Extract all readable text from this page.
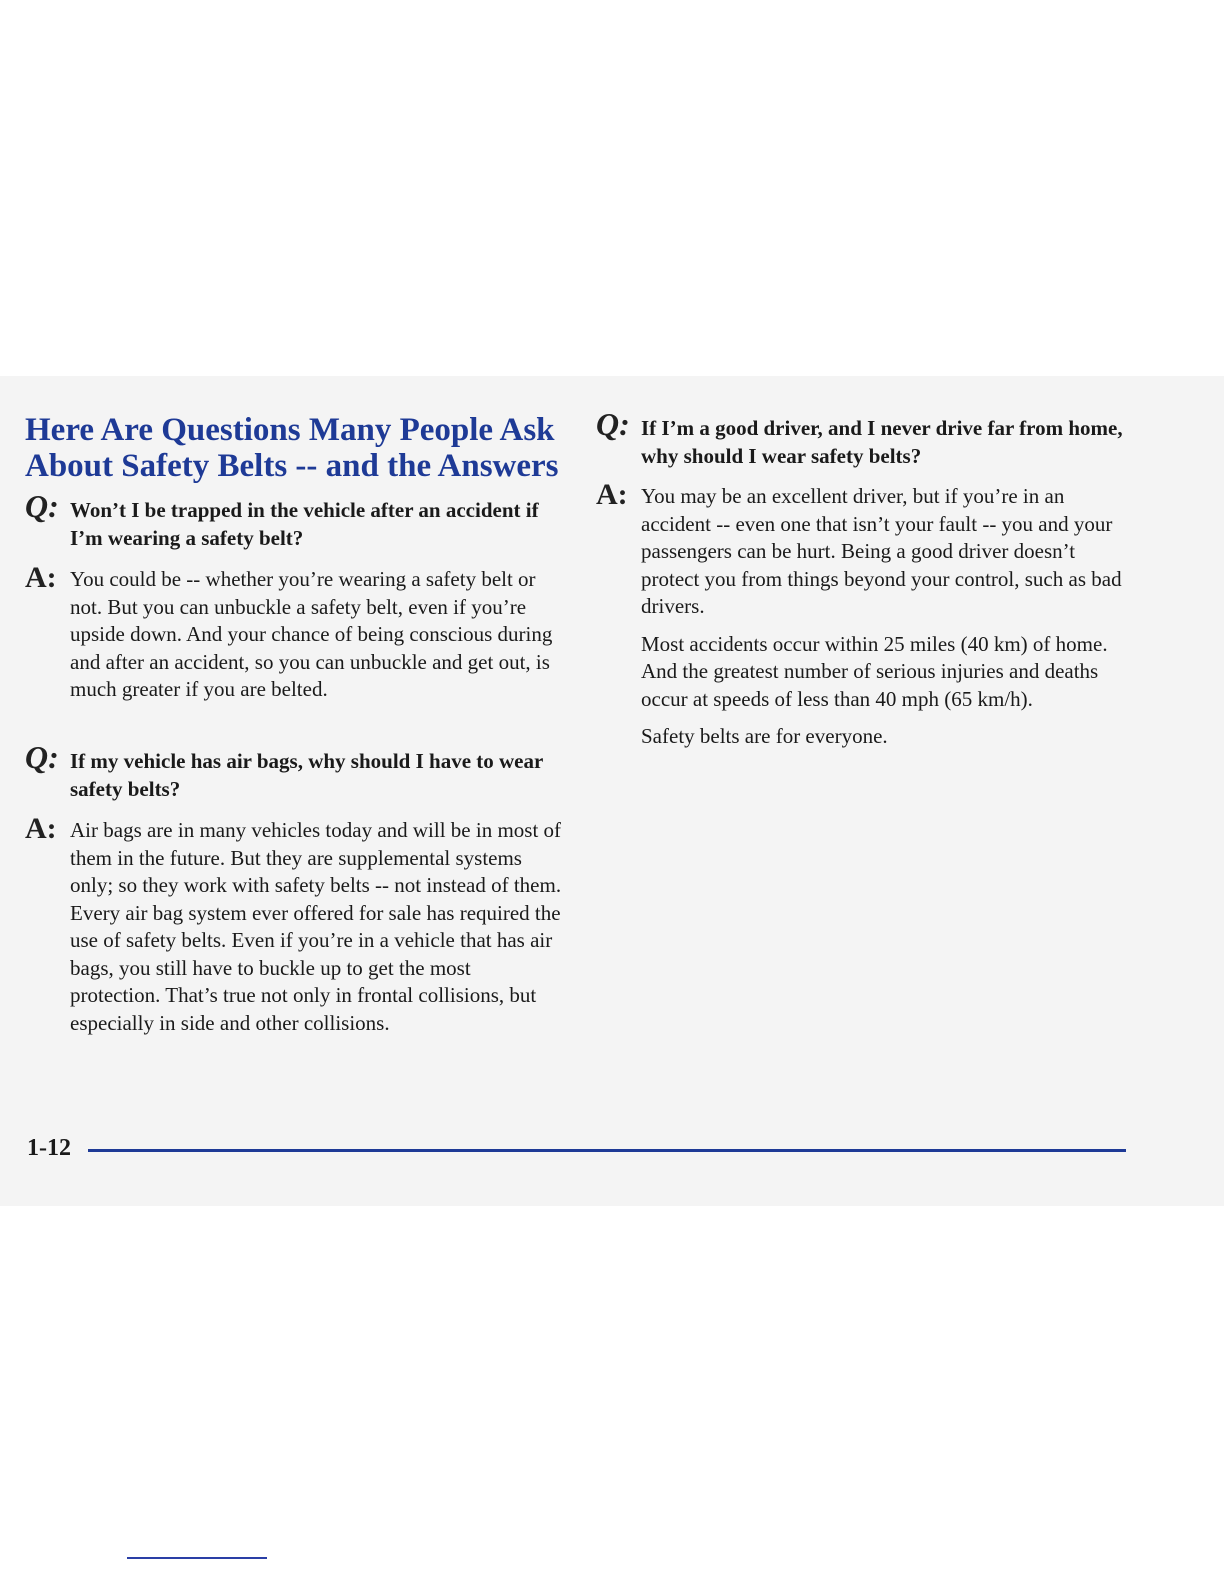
Here Are Questions Many People Ask
About Safety Belts -- and the Answers
Q: Won’t I be trapped in the vehicle after an accident if I’m wearing a safety belt?

A: You could be -- whether you’re wearing a safety belt or not. But you can unbuckle a safety belt, even if you’re upside down. And your chance of being conscious during and after an accident, so you can unbuckle and get out, is much greater if you are belted.

Q: If my vehicle has air bags, why should I have to wear safety belts?

A: Air bags are in many vehicles today and will be in most of them in the future. But they are supplemental systems only; so they work with safety belts -- not instead of them. Every air bag system ever offered for sale has required the use of safety belts. Even if you’re in a vehicle that has air bags, you still have to buckle up to get the most protection. That’s true not only in frontal collisions, but especially in side and other collisions.

Q: If I’m a good driver, and I never drive far from home, why should I wear safety belts?

A: You may be an excellent driver, but if you’re in an accident -- even one that isn’t your fault -- you and your passengers can be hurt. Being a good driver doesn’t protect you from things beyond your control, such as bad drivers.

Most accidents occur within 25 miles (40 km) of home. And the greatest number of serious injuries and deaths occur at speeds of less than 40 mph (65 km/h).

Safety belts are for everyone.

1-12
